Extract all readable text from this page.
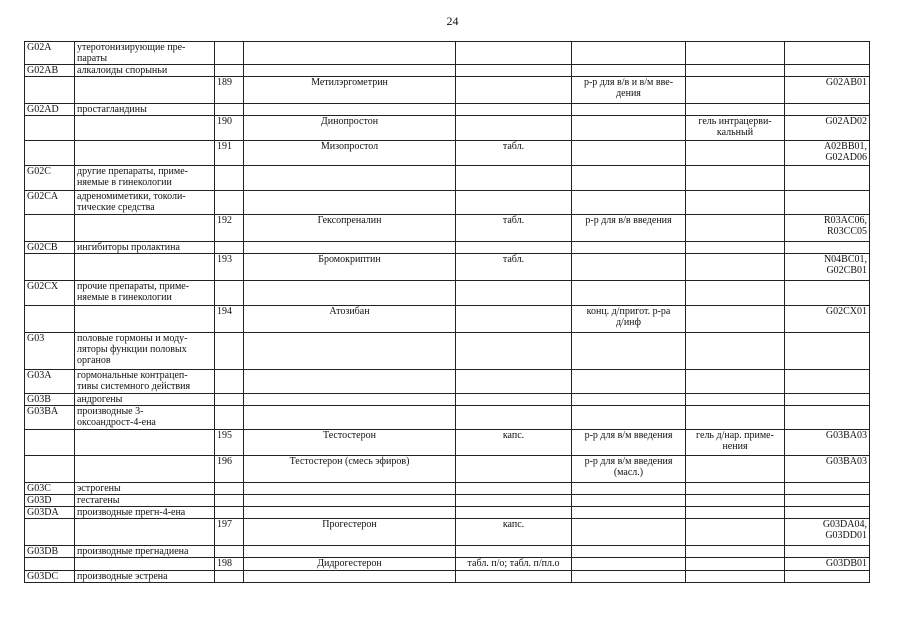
24
G02A	утеротонизирующие пре-
параты						
G02AB	алкалоиды спорыньи						
		189	Метилэргометрин		р-р для в/в и в/м вве-
дения		G02AB01
G02AD	простагландины						
		190	Динопростон			гель интрацерви-
кальный	G02AD02
		191	Мизопростол	табл.			A02BB01,
G02AD06
G02C	другие препараты, приме-
няемые в гинекологии						
G02CA	адреномиметики, токоли-
тические средства						
		192	Гексопреналин	табл.	р-р для в/в введения		R03AC06,
R03CC05
G02CB	ингибиторы пролактина						
		193	Бромокриптин	табл.			N04BC01,
G02CB01
G02CX	прочие препараты, приме-
няемые в гинекологии						
		194	Атозибан		конц. д/пригот. р-ра
д/инф		G02CX01
G03	половые гормоны и моду-
ляторы функции половых
органов						
G03A	гормональные контрацеп-
тивы системного действия						
G03B	андрогены						
G03BA	производные 3-
оксоандрост-4-ена						
		195	Тестостерон	капс.	р-р для в/м введения	гель д/нар. приме-
нения	G03BA03
		196	Тестостерон (смесь эфиров)		р-р для в/м введения
(масл.)		G03BA03
G03C	эстрогены						
G03D	гестагены						
G03DA	производные прегн-4-ена						
		197	Прогестерон	капс.			G03DA04,
G03DD01
G03DB	производные прегнадиена						
		198	Дидрогестерон	табл. п/о; табл. п/пл.о			G03DB01
G03DC	производные эстрена						
